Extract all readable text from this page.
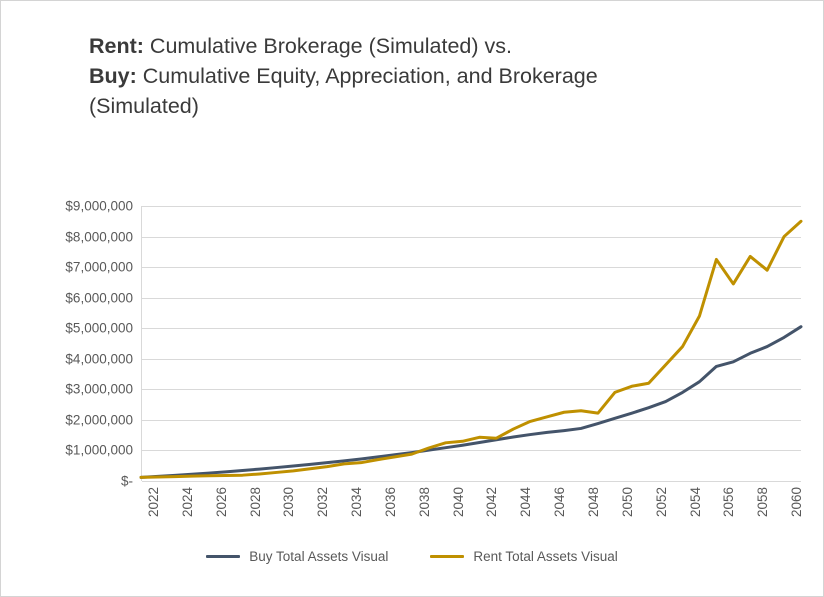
Rent: Cumulative Brokerage (Simulated) vs.
Buy: Cumulative Equity, Appreciation, and Brokerage
(Simulated)
$-
$1,000,000
$2,000,000
$3,000,000
$4,000,000
$5,000,000
$6,000,000
$7,000,000
$8,000,000
$9,000,000
2022 2024 2026 2028 2030 2032 2034 2036 2038 2040 2042 2044 2046 2048 2050 2052 2054 2056 2058 2060
Buy Total Assets Visual	Rent Total Assets Visual
